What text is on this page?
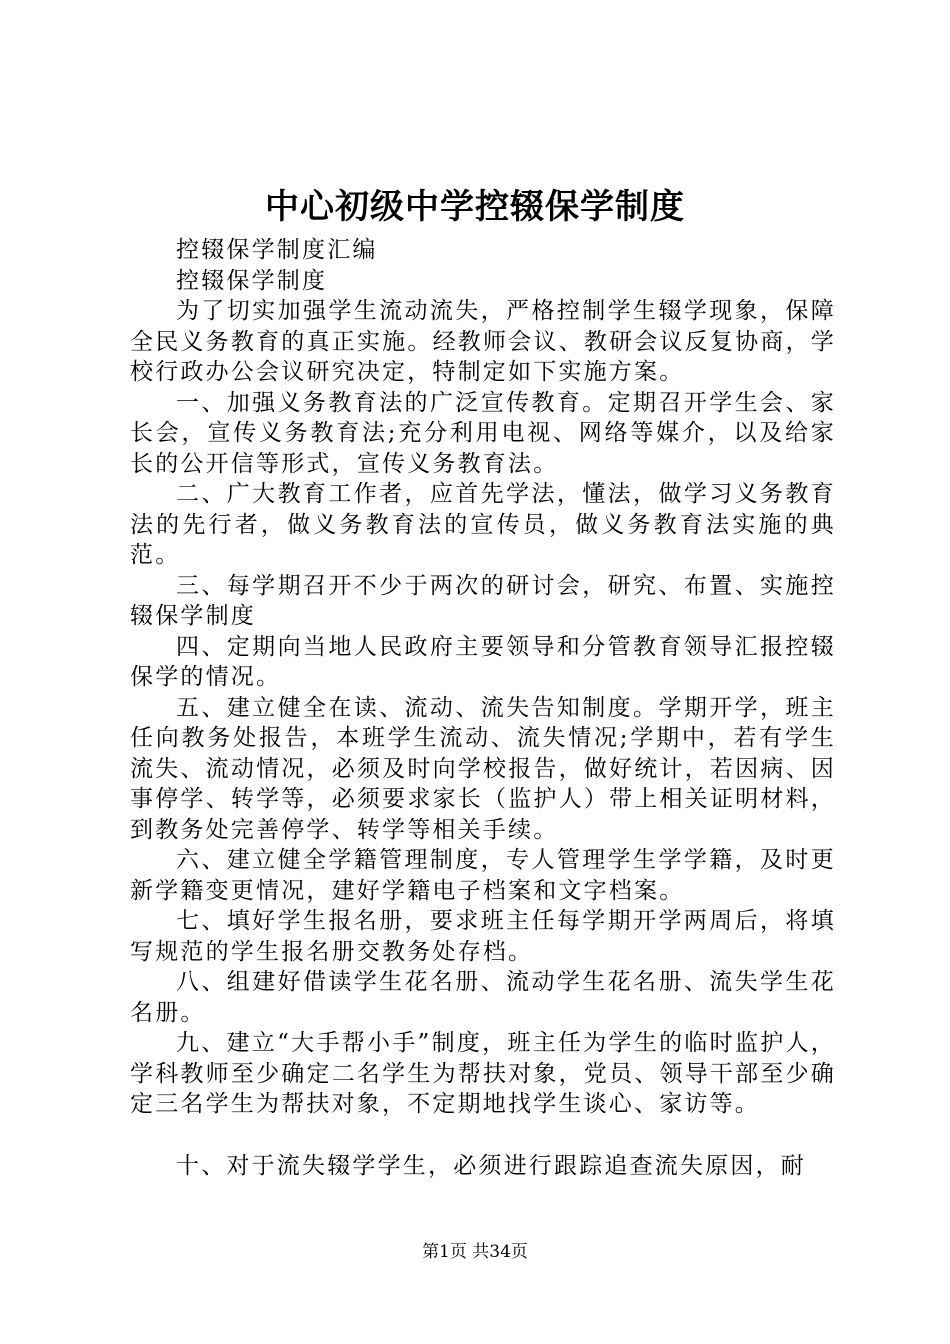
中心初级中学控辍保学制度

控辍保学制度汇编

控辍保学制度

为了切实加强学生流动流失，严格控制学生辍学现象，保障全民义务教育的真正实施。经教师会议、教研会议反复协商，学校行政办公会议研究决定，特制定如下实施方案。

一、加强义务教育法的广泛宣传教育。定期召开学生会、家长会，宣传义务教育法;充分利用电视、网络等媒介，以及给家长的公开信等形式，宣传义务教育法。

二、广大教育工作者，应首先学法，懂法，做学习义务教育法的先行者，做义务教育法的宣传员，做义务教育法实施的典范。

三、每学期召开不少于两次的研讨会，研究、布置、实施控辍保学制度

四、定期向当地人民政府主要领导和分管教育领导汇报控辍保学的情况。

五、建立健全在读、流动、流失告知制度。学期开学，班主任向教务处报告，本班学生流动、流失情况;学期中，若有学生流失、流动情况，必须及时向学校报告，做好统计，若因病、因事停学、转学等，必须要求家长（监护人）带上相关证明材料，到教务处完善停学、转学等相关手续。

六、建立健全学籍管理制度，专人管理学生学学籍，及时更新学籍变更情况，建好学籍电子档案和文字档案。

七、填好学生报名册，要求班主任每学期开学两周后，将填写规范的学生报名册交教务处存档。

八、组建好借读学生花名册、流动学生花名册、流失学生花名册。

九、建立“大手帮小手”制度，班主任为学生的临时监护人，学科教师至少确定二名学生为帮扶对象，党员、领导干部至少确定三名学生为帮扶对象，不定期地找学生谈心、家访等。

十、对于流失辍学学生，必须进行跟踪追查流失原因，耐

第1页 共34页
